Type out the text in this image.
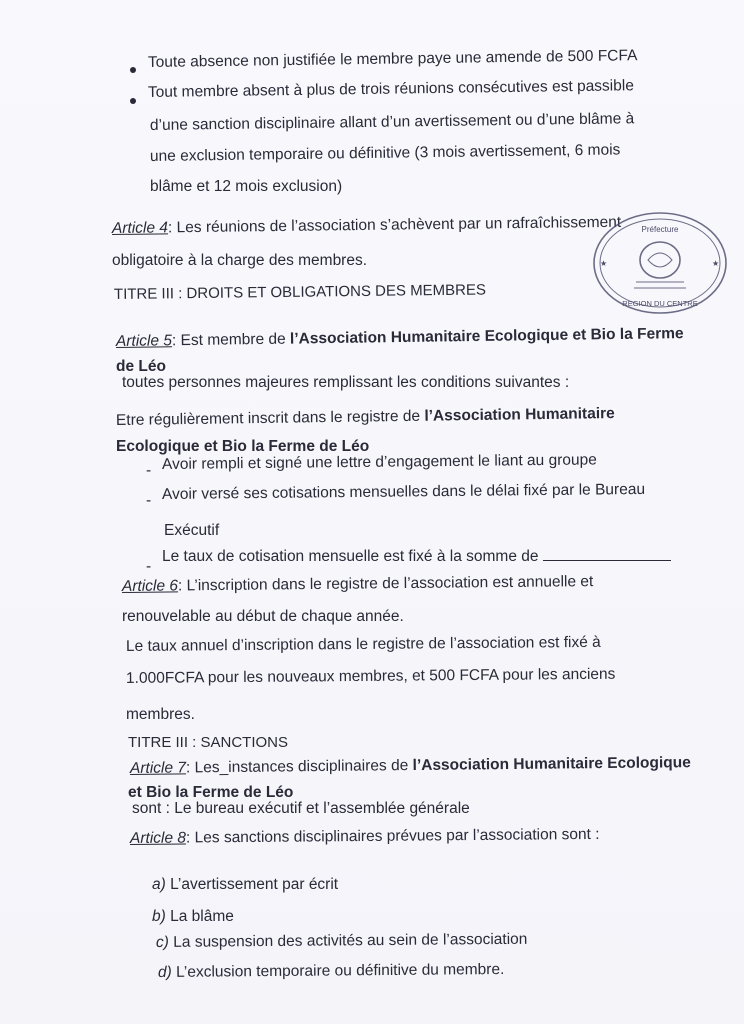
Toute absence non justifiée le membre paye une amende de 500 FCFA
Tout membre absent à plus de trois réunions consécutives est passible
d’une sanction disciplinaire allant d’un avertissement ou d’une blâme à
une exclusion temporaire ou définitive (3 mois avertissement, 6 mois
blâme et 12 mois exclusion)
Article 4: Les réunions de l’association s’achèvent par un rafraîchissement
obligatoire à la charge des membres.
TITRE III : DROITS ET OBLIGATIONS DES MEMBRES
Article 5: Est membre de l’Association Humanitaire Ecologique et Bio la Ferme
de Léo
toutes personnes majeures remplissant les conditions suivantes :
Etre régulièrement inscrit dans le registre de l’Association Humanitaire
Ecologique et Bio la Ferme de Léo
- Avoir rempli et signé une lettre d’engagement le liant au groupe
- Avoir versé ses cotisations mensuelles dans le délai fixé par le Bureau
Exécutif
-
Le taux de cotisation mensuelle est fixé à la somme de
Article 6: L’inscription dans le registre de l’association est annuelle et
renouvelable au début de chaque année.
Le taux annuel d’inscription dans le registre de l’association est fixé à
1.000FCFA pour les nouveaux membres, et 500 FCFA pour les anciens
membres.
TITRE III : SANCTIONS
Article 7: Les_instances disciplinaires de l’Association Humanitaire Ecologique
et Bio la Ferme de Léo
sont : Le bureau exécutif et l’assemblée générale
Article 8: Les sanctions disciplinaires prévues par l’association sont :
a) L’avertissement par écrit
b) La blâme
c) La suspension des activités au sein de l’association
d) L’exclusion temporaire ou définitive du membre.
Préfecture
REGION DU CENTRE
★	★
